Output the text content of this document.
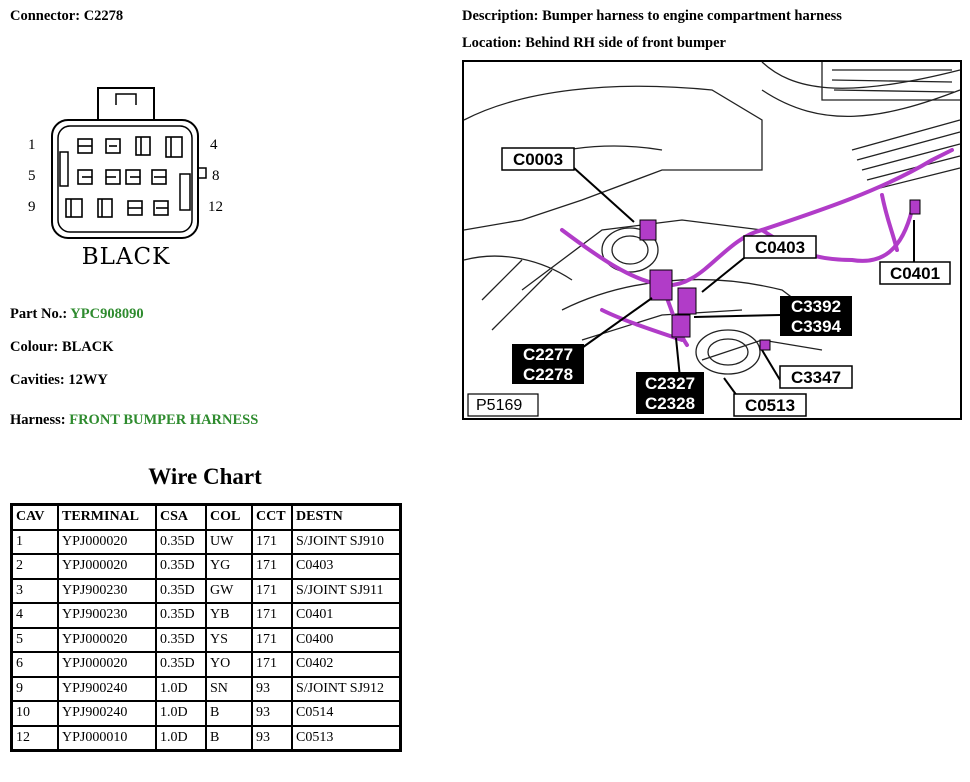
Connector: C2278	Description: Bumper harness to engine compartment harness
Location: Behind RH side of front bumper
1	4
5	8
9	12
BLACK
Part No.: YPC908090
Colour: BLACK
Cavities: 12WY
Harness: FRONT BUMPER HARNESS
C0003
C0403
C0401
C3392
C3394
C2277
C2278	C3347
C2327
C2328	C0513
P5169
Wire Chart
CAV	TERMINAL	CSA	COL	CCT	DESTN
1	YPJ000020	0.35D	UW	171	S/JOINT SJ910
2	YPJ000020	0.35D	YG	171	C0403
3	YPJ900230	0.35D	GW	171	S/JOINT SJ911
4	YPJ900230	0.35D	YB	171	C0401
5	YPJ000020	0.35D	YS	171	C0400
6	YPJ000020	0.35D	YO	171	C0402
9	YPJ900240	1.0D	SN	93	S/JOINT SJ912
10	YPJ900240	1.0D	B	93	C0514
12	YPJ000010	1.0D	B	93	C0513
